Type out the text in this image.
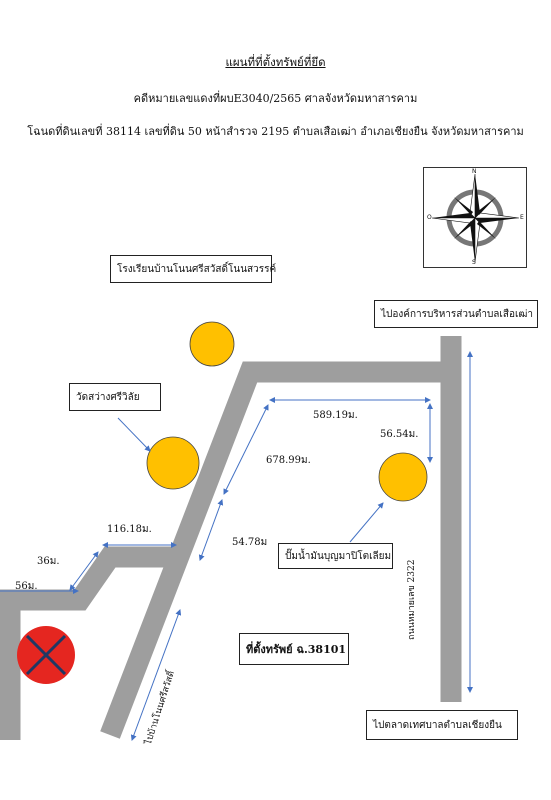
แผนที่ที่ตั้งทรัพย์ที่ยึด
คดีหมายเลขแดงที่ผบE3040/2565 ศาลจังหวัดมหาสารคาม
โฉนดที่ดินเลขที่ 38114 เลขที่ดิน 50 หน้าสำรวจ 2195 ตำบลเสือเฒ่า อำเภอเชียงยืน จังหวัดมหาสารคาม
N
S
E
O
โรงเรียนบ้านโนนศรีสวัสดิ์โนนสวรรค์
วัดสว่างศรีวิลัย
ปั๊มน้ำมันบุญมาปิโตเลียม
ไปองค์การบริหารส่วนตำบลเสือเฒ่า
ไปตลาดเทศบาลตำบลเชียงยืน
ที่ตั้งทรัพย์ ฉ.38101
589.19ม.
56.54ม.
678.99ม.
116.18ม.
54.78ม
36ม.
56ม.	ถนนหมายเลข 2322
ไปบ้านโนนศรีสวัสดิ์
